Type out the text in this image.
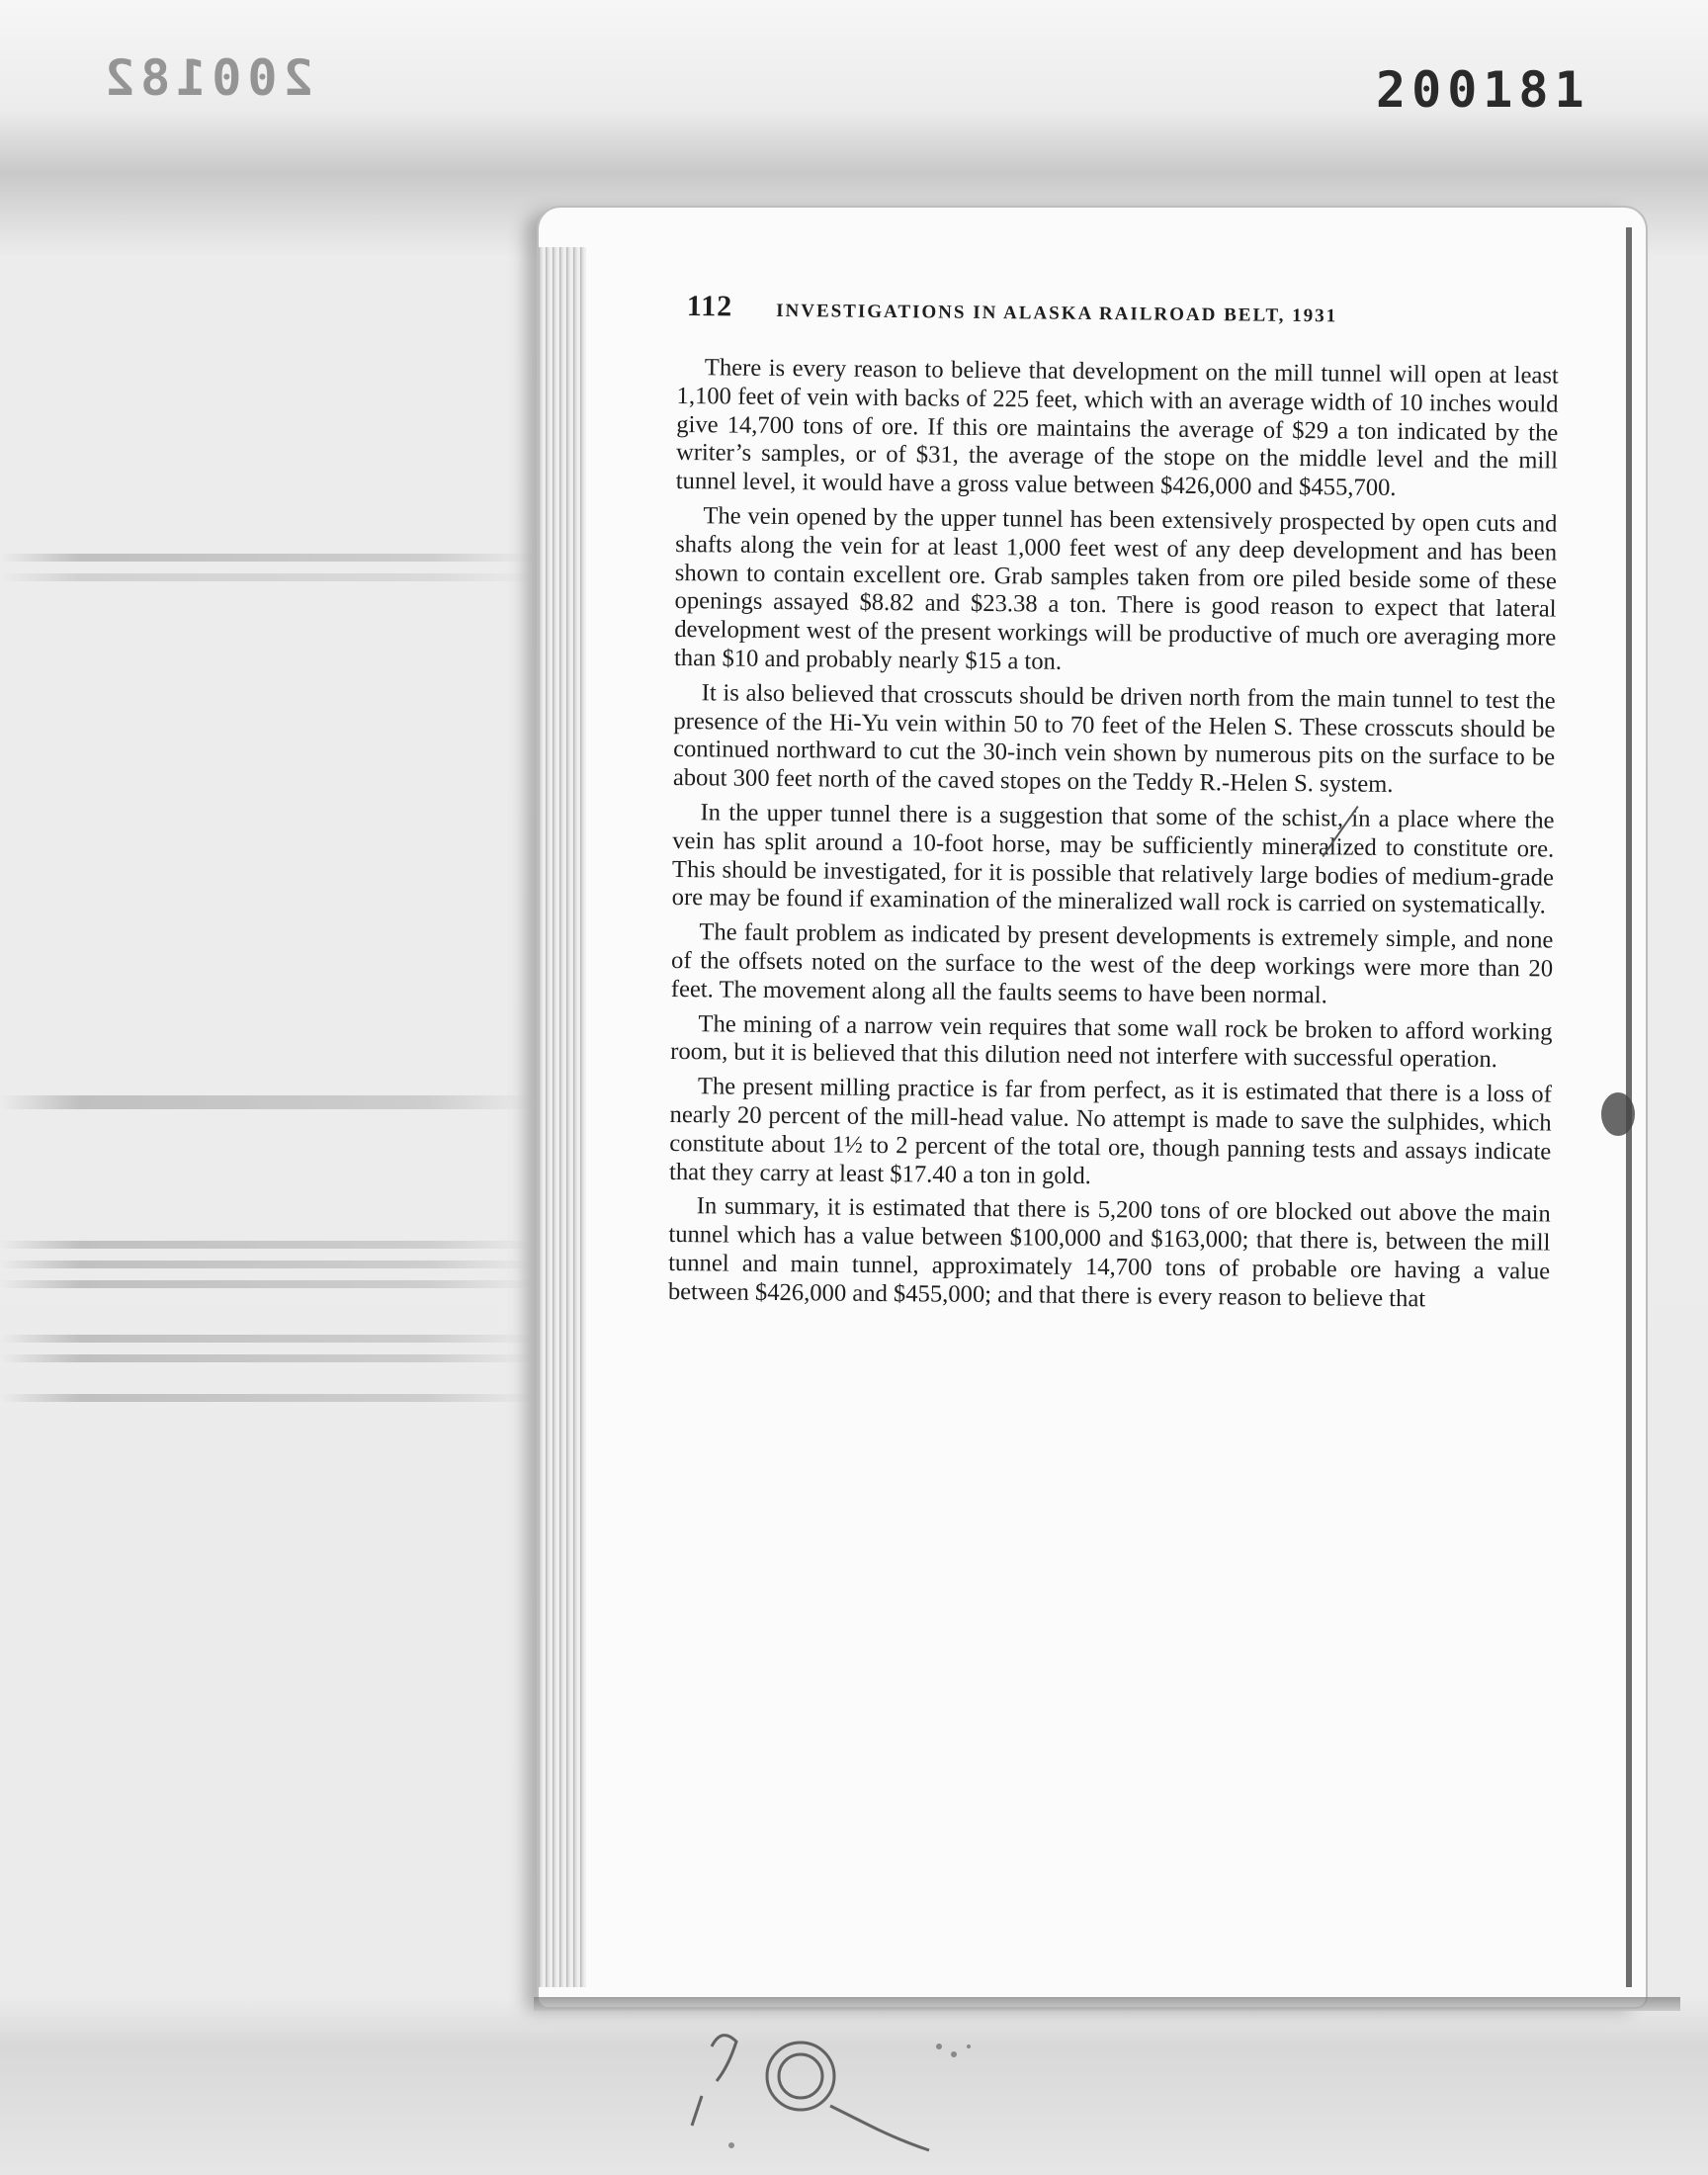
200182	200181
112 INVESTIGATIONS IN ALASKA RAILROAD BELT, 1931

There is every reason to believe that development on the mill tunnel will open at least 1,100 feet of vein with backs of 225 feet, which with an average width of 10 inches would give 14,700 tons of ore. If this ore maintains the average of $29 a ton indicated by the writer’s samples, or of $31, the average of the stope on the middle level and the mill tunnel level, it would have a gross value between $426,000 and $455,700.

The vein opened by the upper tunnel has been extensively prospected by open cuts and shafts along the vein for at least 1,000 feet west of any deep development and has been shown to contain excellent ore. Grab samples taken from ore piled beside some of these openings assayed $8.82 and $23.38 a ton. There is good reason to expect that lateral development west of the present workings will be productive of much ore averaging more than $10 and probably nearly $15 a ton.

It is also believed that crosscuts should be driven north from the main tunnel to test the presence of the Hi-Yu vein within 50 to 70 feet of the Helen S. These crosscuts should be continued northward to cut the 30-inch vein shown by numerous pits on the surface to be about 300 feet north of the caved stopes on the Teddy R.-Helen S. system.

In the upper tunnel there is a suggestion that some of the schist, in a place where the vein has split around a 10-foot horse, may be sufficiently mineralized to constitute ore. This should be investigated, for it is possible that relatively large bodies of medium-grade ore may be found if examination of the mineralized wall rock is carried on systematically.

The fault problem as indicated by present developments is extremely simple, and none of the offsets noted on the surface to the west of the deep workings were more than 20 feet. The movement along all the faults seems to have been normal.

The mining of a narrow vein requires that some wall rock be broken to afford working room, but it is believed that this dilution need not interfere with successful operation.

The present milling practice is far from perfect, as it is estimated that there is a loss of nearly 20 percent of the mill-head value. No attempt is made to save the sulphides, which constitute about 1½ to 2 percent of the total ore, though panning tests and assays indicate that they carry at least $17.40 a ton in gold.

In summary, it is estimated that there is 5,200 tons of ore blocked out above the main tunnel which has a value between $100,000 and $163,000; that there is, between the mill tunnel and main tunnel, approximately 14,700 tons of probable ore having a value between $426,000 and $455,000; and that there is every reason to believe that
